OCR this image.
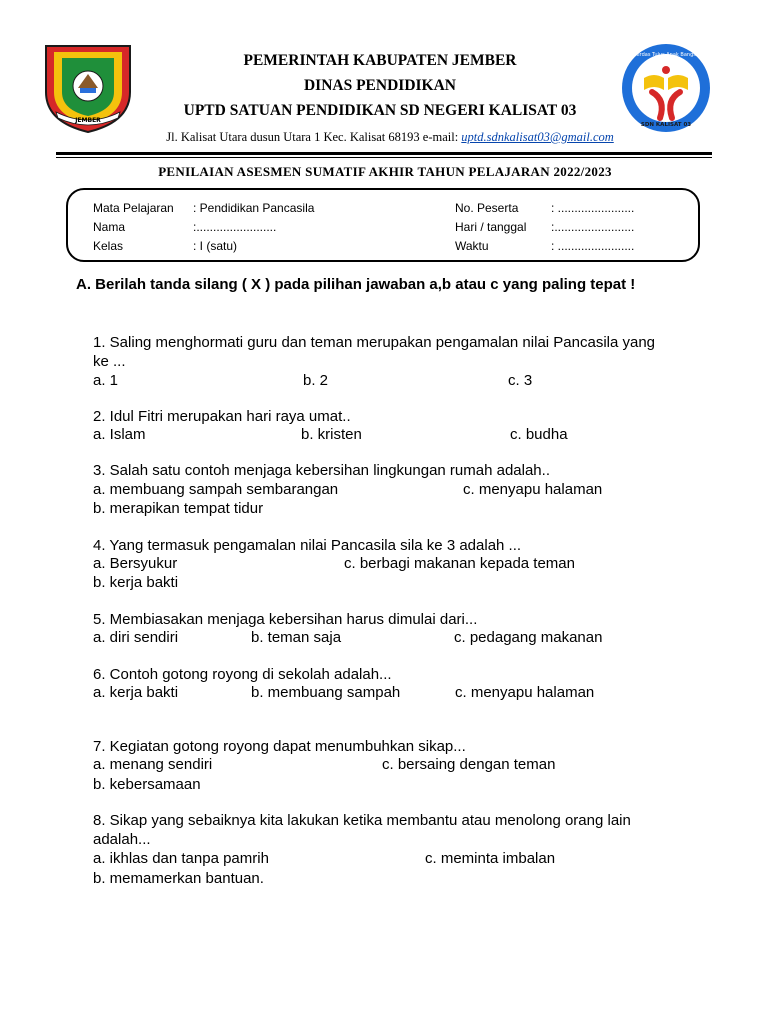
JEMBER
Cerdas Tulus Anak Bangsa
SDN KALISAT 03
PEMERINTAH KABUPATEN JEMBER
DINAS PENDIDIKAN
UPTD SATUAN PENDIDIKAN SD NEGERI KALISAT 03
Jl. Kalisat Utara dusun Utara 1 Kec. Kalisat 68193 e-mail: uptd.sdnkalisat03@gmail.com
PENILAIAN ASESMEN SUMATIF AKHIR TAHUN PELAJARAN 2022/2023
Mata Pelajaran : Pendidikan Pancasila
Nama	:........................
Kelas	: I (satu)
No. Peserta	: .......................
Hari / tanggal :........................
Waktu	: .......................
A. Berilah tanda silang ( X ) pada pilihan jawaban a,b atau c yang paling tepat !
1. Saling menghormati guru dan teman merupakan pengamalan nilai Pancasila yang ke ...
a. 1	b. 2	c. 3
2. Idul Fitri merupakan hari raya umat..
a. Islam	b. kristen	c. budha
3. Salah satu contoh menjaga kebersihan lingkungan rumah adalah..
a. membuang sampah sembarangan
b. merapikan tempat tidur
c. menyapu halaman
4. Yang termasuk pengamalan nilai Pancasila sila ke 3 adalah ...
a. Bersyukur
b. kerja bakti
c. berbagi makanan kepada teman
5. Membiasakan menjaga kebersihan harus dimulai dari...
a. diri sendiri	b. teman saja	c. pedagang makanan
6. Contoh gotong royong di sekolah adalah...
a. kerja bakti	b. membuang sampah	c. menyapu halaman
7. Kegiatan gotong royong dapat menumbuhkan sikap...
a. menang sendiri
b. kebersamaan
c. bersaing dengan teman
8. Sikap yang sebaiknya kita lakukan ketika membantu atau menolong orang lain adalah...
a. ikhlas dan tanpa pamrih
b. memamerkan bantuan.
c. meminta imbalan
